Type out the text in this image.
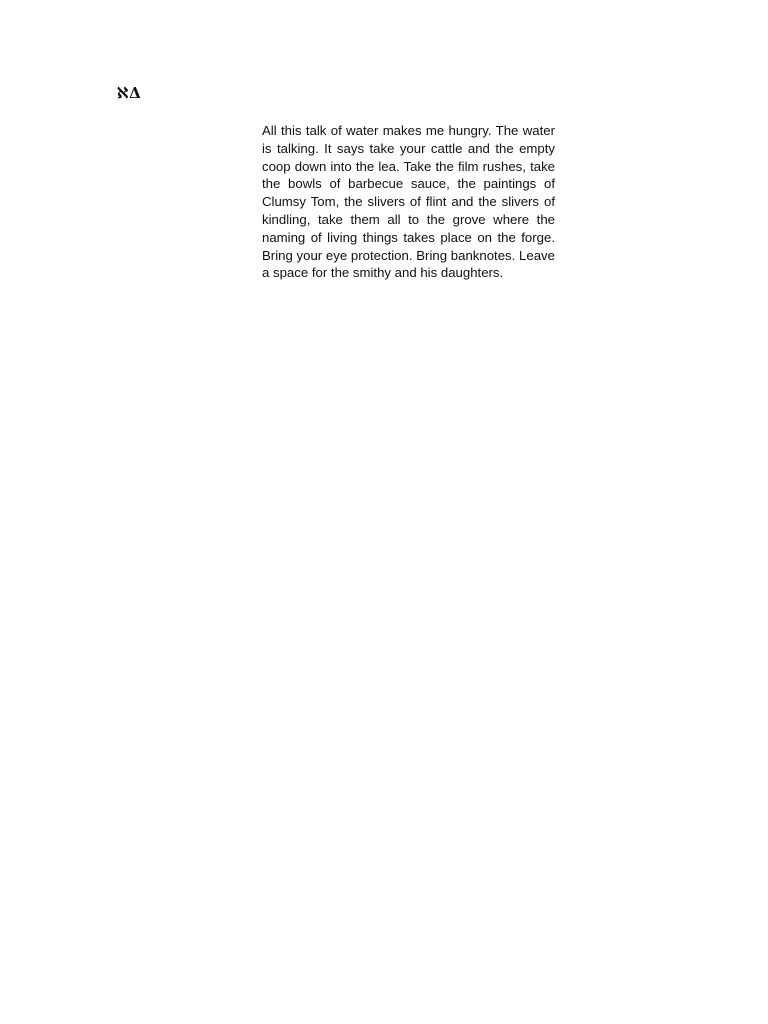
ℵΔ

All this talk of water makes me hungry. The water is talking. It says take your cattle and the empty coop down into the lea. Take the film rushes, take the bowls of barbecue sauce, the paintings of Clumsy Tom, the slivers of flint and the slivers of kindling, take them all to the grove where the naming of living things takes place on the forge. Bring your eye protection. Bring banknotes. Leave a space for the smithy and his daughters.
